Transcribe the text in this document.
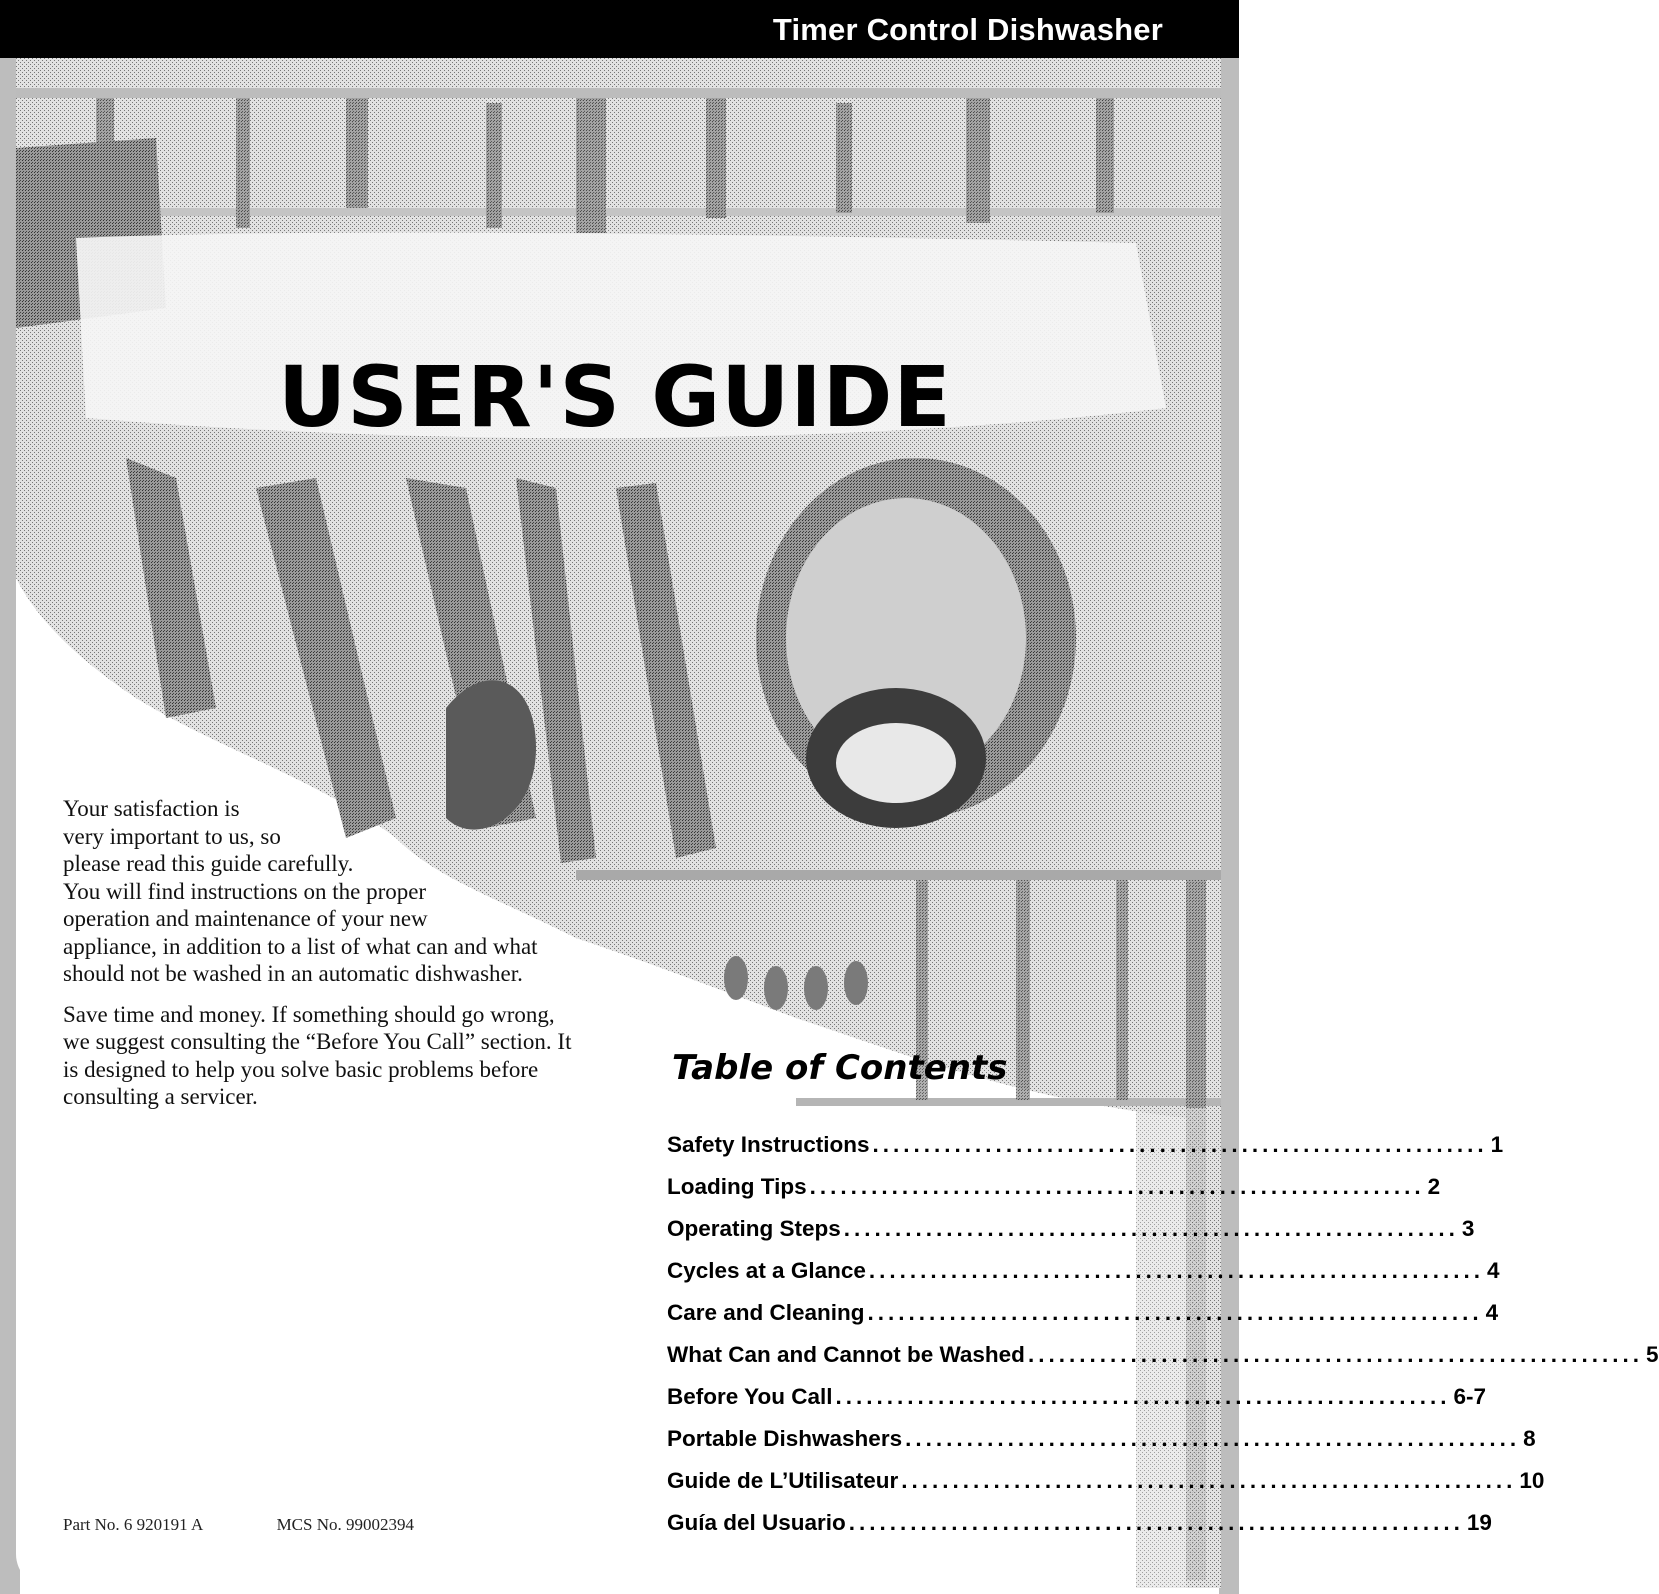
Timer Control Dishwasher
USER'S GUIDE

Your satisfaction is
very important to us, so
please read this guide carefully.
You will find instructions on the proper
operation and maintenance of your new
appliance, in addition to a list of what can and what
should not be washed in an automatic dishwasher.

Save time and money. If something should go wrong,
we suggest consulting the “Before You Call” section. It
is designed to help you solve basic problems before
consulting a servicer.

Table of Contents
Safety Instructions ............................................................ 1
Loading Tips ............................................................ 2
Operating Steps ............................................................ 3
Cycles at a Glance ............................................................ 4
Care and Cleaning ............................................................ 4
What Can and Cannot be Washed ............................................................ 5
Before You Call ............................................................ 6-7
Portable Dishwashers ............................................................ 8
Guide de L’Utilisateur ............................................................ 10
Guía del Usuario ............................................................ 19
Part No. 6 920191 A	MCS No. 99002394
